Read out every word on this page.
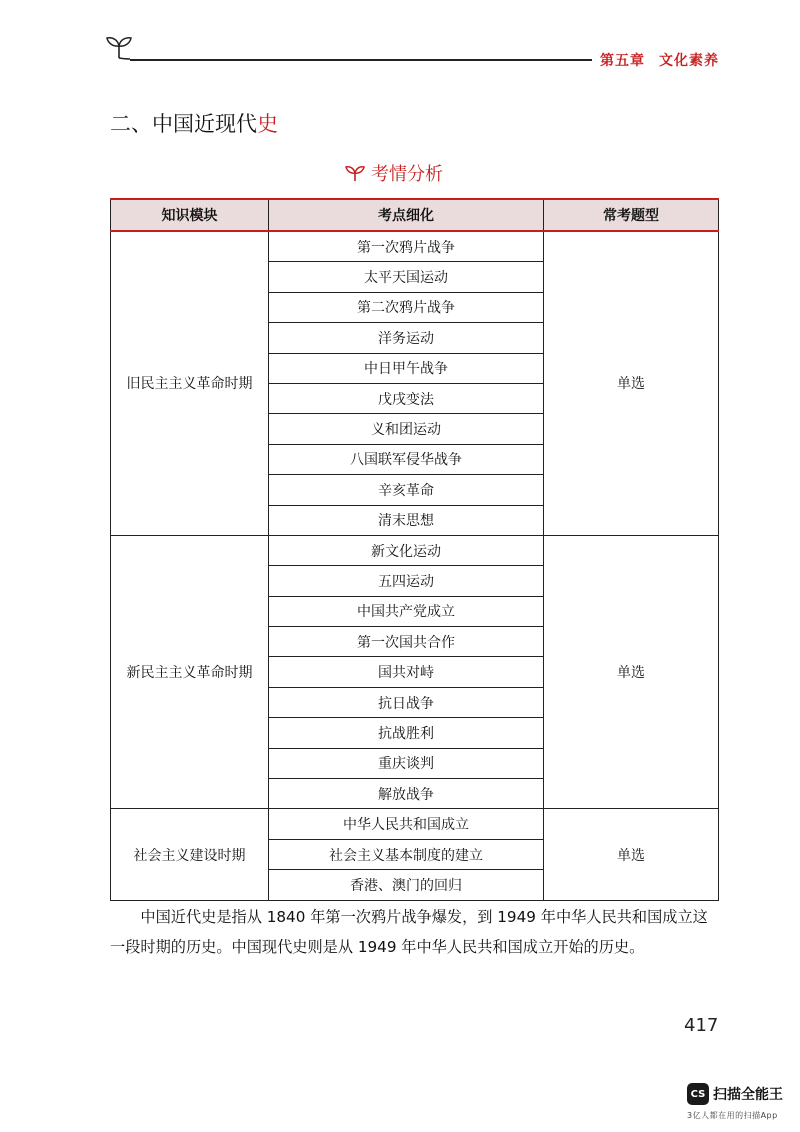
第五章 文化素养
二、中国近现代史
考情分析
知识模块	考点细化	常考题型
旧民主主义革命时期	第一次鸦片战争	单选
	太平天国运动	
	第二次鸦片战争	
	洋务运动	
	中日甲午战争	
	戊戌变法	
	义和团运动	
	八国联军侵华战争	
	辛亥革命	
	清末思想	
新民主主义革命时期	新文化运动	单选
	五四运动	
	中国共产党成立	
	第一次国共合作	
	国共对峙	
	抗日战争	
	抗战胜利	
	重庆谈判	
	解放战争	
社会主义建设时期	中华人民共和国成立	单选
	社会主义基本制度的建立	
	香港、澳门的回归	
中国近代史是指从 1840 年第一次鸦片战争爆发，到 1949 年中华人民共和国成立这一段时期的历史。中国现代史则是从 1949 年中华人民共和国成立开始的历史。
417
CS 扫描全能王
3亿人都在用的扫描App
